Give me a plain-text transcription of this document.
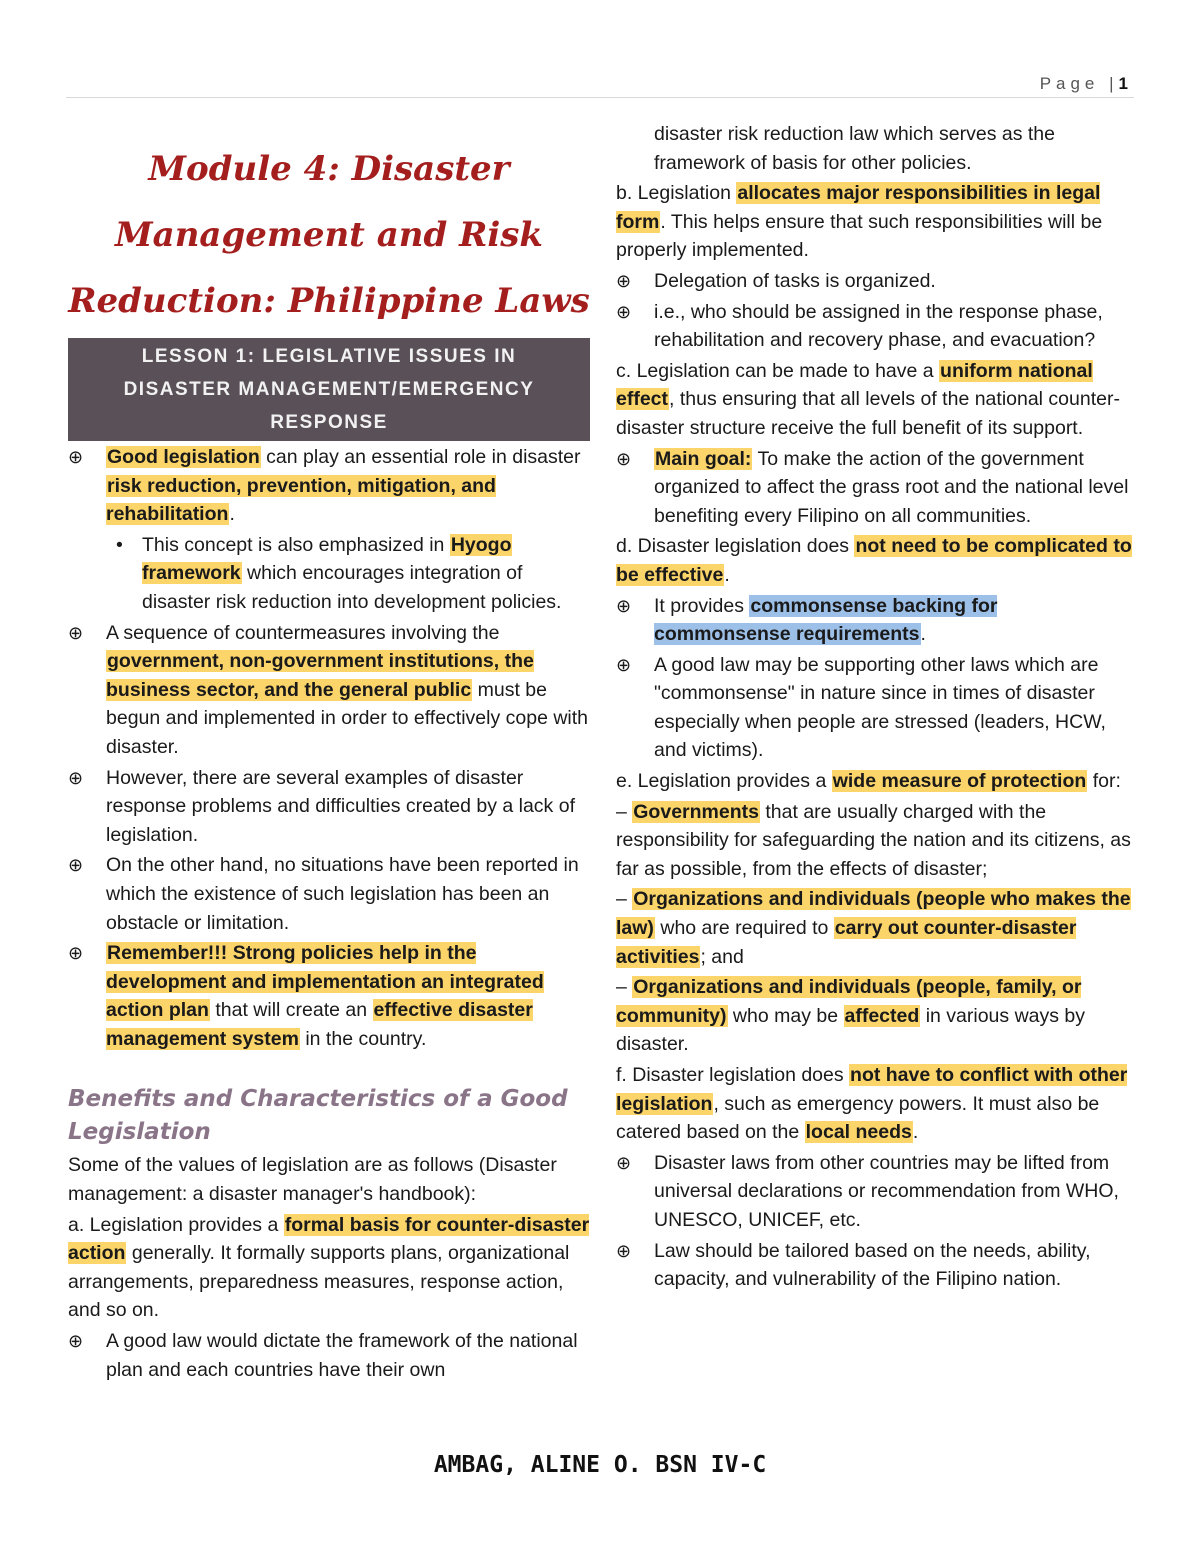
Page |1
Module 4: Disaster
Management and Risk
Reduction: Philippine Laws
LESSON 1: LEGISLATIVE ISSUES IN
DISASTER MANAGEMENT/EMERGENCY
RESPONSE
⊕ Good legislation can play an essential role in disaster risk reduction, prevention, mitigation, and rehabilitation.
• This concept is also emphasized in Hyogo framework which encourages integration of disaster risk reduction into development policies.
⊕ A sequence of countermeasures involving the government, non-government institutions, the business sector, and the general public must be begun and implemented in order to effectively cope with disaster.
⊕ However, there are several examples of disaster response problems and difficulties created by a lack of legislation.
⊕ On the other hand, no situations have been reported in which the existence of such legislation has been an obstacle or limitation.
⊕ Remember!!! Strong policies help in the development and implementation an integrated action plan that will create an effective disaster management system in the country.
Benefits and Characteristics of a Good Legislation

Some of the values of legislation are as follows (Disaster management: a disaster manager's handbook):

a. Legislation provides a formal basis for counter-disaster action generally. It formally supports plans, organizational arrangements, preparedness measures, response action, and so on.

⊕ A good law would dictate the framework of the national plan and each countries have their own
disaster risk reduction law which serves as the framework of basis for other policies.

b. Legislation allocates major responsibilities in legal form. This helps ensure that such responsibilities will be properly implemented.

⊕ Delegation of tasks is organized.
⊕ i.e., who should be assigned in the response phase, rehabilitation and recovery phase, and evacuation?

c. Legislation can be made to have a uniform national effect, thus ensuring that all levels of the national counter-disaster structure receive the full benefit of its support.

⊕ Main goal: To make the action of the government organized to affect the grass root and the national level benefiting every Filipino on all communities.

d. Disaster legislation does not need to be complicated to be effective.

⊕ It provides commonsense backing for commonsense requirements.
⊕ A good law may be supporting other laws which are "commonsense" in nature since in times of disaster especially when people are stressed (leaders, HCW, and victims).

e. Legislation provides a wide measure of protection for:

– Governments that are usually charged with the responsibility for safeguarding the nation and its citizens, as far as possible, from the effects of disaster;

– Organizations and individuals (people who makes the law) who are required to carry out counter-disaster activities; and

– Organizations and individuals (people, family, or community) who may be affected in various ways by disaster.

f. Disaster legislation does not have to conflict with other legislation, such as emergency powers. It must also be catered based on the local needs.

⊕ Disaster laws from other countries may be lifted from universal declarations or recommendation from WHO, UNESCO, UNICEF, etc.
⊕ Law should be tailored based on the needs, ability, capacity, and vulnerability of the Filipino nation.
AMBAG, ALINE O. BSN IV-C
